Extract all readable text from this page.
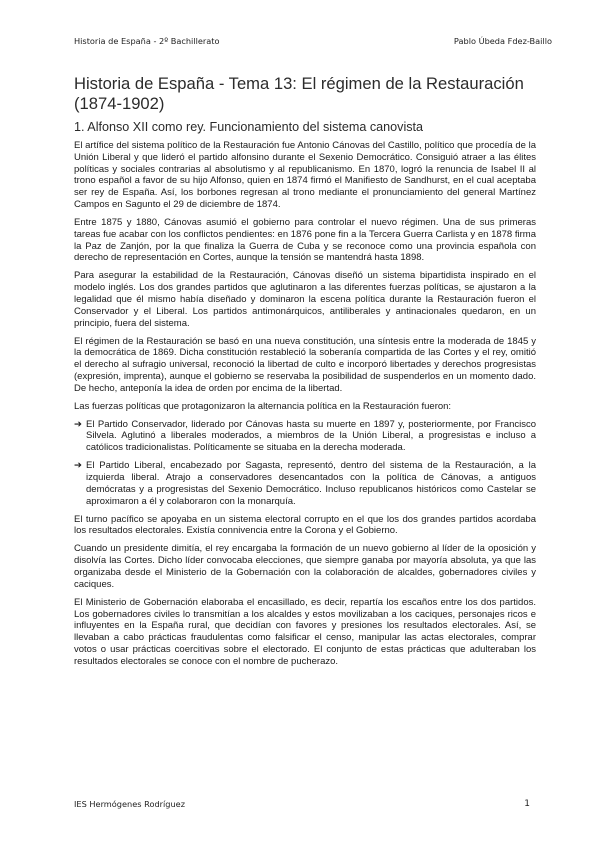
Historia de España - 2º Bachillerato	Pablo Úbeda Fdez-Baillo
Historia de España - Tema 13: El régimen de la Restauración (1874-1902)
1. Alfonso XII como rey. Funcionamiento del sistema canovista

El artífice del sistema político de la Restauración fue Antonio Cánovas del Castillo, político que procedía de la Unión Liberal y que lideró el partido alfonsino durante el Sexenio Democrático. Consiguió atraer a las élites políticas y sociales contrarias al absolutismo y al republicanismo. En 1870, logró la renuncia de Isabel II al trono español a favor de su hijo Alfonso, quien en 1874 firmó el Manifiesto de Sandhurst, en el cual aceptaba ser rey de España. Así, los borbones regresan al trono mediante el pronunciamiento del general Martínez Campos en Sagunto el 29 de diciembre de 1874.

Entre 1875 y 1880, Cánovas asumió el gobierno para controlar el nuevo régimen. Una de sus primeras tareas fue acabar con los conflictos pendientes: en 1876 pone fin a la Tercera Guerra Carlista y en 1878 firma la Paz de Zanjón, por la que finaliza la Guerra de Cuba y se reconoce como una provincia española con derecho de representación en Cortes, aunque la tensión se mantendrá hasta 1898.

Para asegurar la estabilidad de la Restauración, Cánovas diseñó un sistema bipartidista inspirado en el modelo inglés. Los dos grandes partidos que aglutinaron a las diferentes fuerzas políticas, se ajustaron a la legalidad que él mismo había diseñado y dominaron la escena política durante la Restauración fueron el Conservador y el Liberal. Los partidos antimonárquicos, antiliberales y antinacionales quedaron, en un principio, fuera del sistema.

El régimen de la Restauración se basó en una nueva constitución, una síntesis entre la moderada de 1845 y la democrática de 1869. Dicha constitución restableció la soberanía compartida de las Cortes y el rey, omitió el derecho al sufragio universal, reconoció la libertad de culto e incorporó libertades y derechos progresistas (expresión, imprenta), aunque el gobierno se reservaba la posibilidad de suspenderlos en un momento dado. De hecho, anteponía la idea de orden por encima de la libertad.

Las fuerzas políticas que protagonizaron la alternancia política en la Restauración fueron:

➔ El Partido Conservador, liderado por Cánovas hasta su muerte en 1897 y, posteriormente, por Francisco Silvela. Aglutinó a liberales moderados, a miembros de la Unión Liberal, a progresistas e incluso a católicos tradicionalistas. Políticamente se situaba en la derecha moderada.
➔ El Partido Liberal, encabezado por Sagasta, representó, dentro del sistema de la Restauración, a la izquierda liberal. Atrajo a conservadores desencantados con la política de Cánovas, a antiguos demócratas y a progresistas del Sexenio Democrático. Incluso republicanos históricos como Castelar se aproximaron a él y colaboraron con la monarquía.

El turno pacífico se apoyaba en un sistema electoral corrupto en el que los dos grandes partidos acordaba los resultados electorales. Existía connivencia entre la Corona y el Gobierno.

Cuando un presidente dimitía, el rey encargaba la formación de un nuevo gobierno al líder de la oposición y disolvía las Cortes. Dicho líder convocaba elecciones, que siempre ganaba por mayoría absoluta, ya que las organizaba desde el Ministerio de la Gobernación con la colaboración de alcaldes, gobernadores civiles y caciques.

El Ministerio de Gobernación elaboraba el encasillado, es decir, repartía los escaños entre los dos partidos. Los gobernadores civiles lo transmitían a los alcaldes y estos movilizaban a los caciques, personajes ricos e influyentes en la España rural, que decidían con favores y presiones los resultados electorales. Así, se llevaban a cabo prácticas fraudulentas como falsificar el censo, manipular las actas electorales, comprar votos o usar prácticas coercitivas sobre el electorado. El conjunto de estas prácticas que adulteraban los resultados electorales se conoce con el nombre de pucherazo.

IES Hermógenes Rodríguez	1
